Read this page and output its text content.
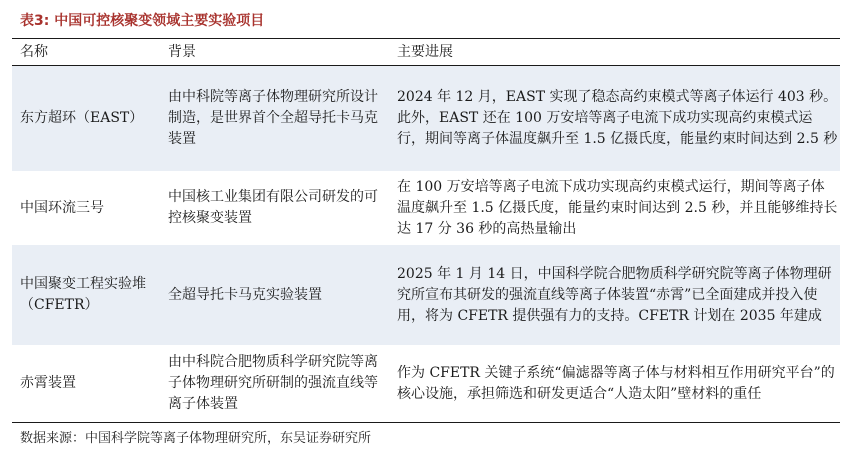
表3: 中国可控核聚变领域主要实验项目
名称	背景	主要进展
东方超环（EAST）	由中科院等离子体物理研究所设计制造，是世界首个全超导托卡马克装置	2024 年 12 月，EAST 实现了稳态高约束模式等离子体运行 403 秒。此外，EAST 还在 100 万安培等离子电流下成功实现高约束模式运行，期间等离子体温度飙升至 1.5 亿摄氏度，能量约束时间达到 2.5 秒
中国环流三号	中国核工业集团有限公司研发的可控核聚变装置	在 100 万安培等离子电流下成功实现高约束模式运行，期间等离子体温度飙升至 1.5 亿摄氏度，能量约束时间达到 2.5 秒，并且能够维持长达 17 分 36 秒的高热量输出
中国聚变工程实验堆（CFETR）	全超导托卡马克实验装置	2025 年 1 月 14 日，中国科学院合肥物质科学研究院等离子体物理研究所宣布其研发的强流直线等离子体装置“赤霄”已全面建成并投入使用，将为 CFETR 提供强有力的支持。CFETR 计划在 2035 年建成
赤霄装置	由中科院合肥物质科学研究院等离子体物理研究所研制的强流直线等离子体装置	作为 CFETR 关键子系统“偏滤器等离子体与材料相互作用研究平台”的核心设施，承担筛选和研发更适合“人造太阳”壁材料的重任
数据来源：中国科学院等离子体物理研究所，东吴证券研究所
